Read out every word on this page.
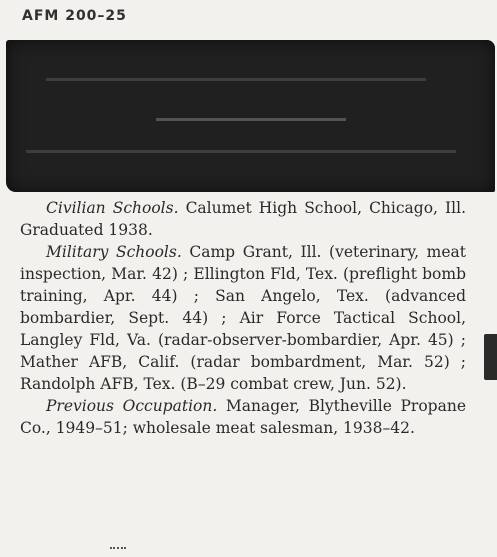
AFM 200–25

Civilian Schools. Calumet High School, Chicago, Ill. Graduated 1938.

Military Schools. Camp Grant, Ill. (veterinary, meat inspection, Mar. 42) ; Ellington Fld, Tex. (preflight bomb training, Apr. 44) ; San Angelo, Tex. (advanced bombardier, Sept. 44) ; Air Force Tactical School, Langley Fld, Va. (radar-observer-bombardier, Apr. 45) ; Mather AFB, Calif. (radar bombardment, Mar. 52) ; Randolph AFB, Tex. (B–29 combat crew, Jun. 52).

Previous Occupation. Manager, Blytheville Propane Co., 1949–51; wholesale meat salesman, 1938–42.
